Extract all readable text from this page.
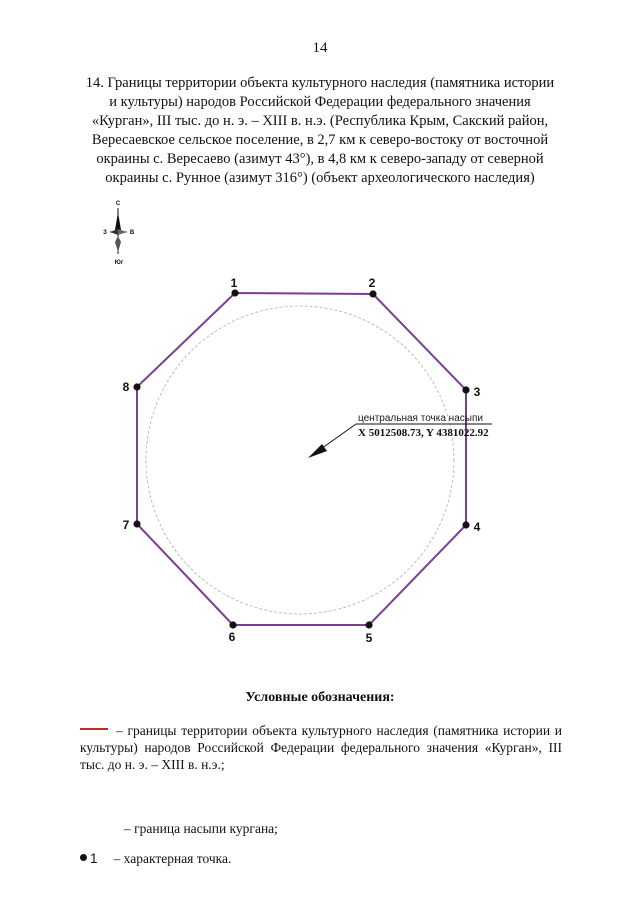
14
14. Границы территории объекта культурного наследия (памятника истории
и культуры) народов Российской Федерации федерального значения
«Курган», III тыс. до н. э. – XIII в. н.э. (Республика Крым, Сакский район,
Вересаевское сельское поселение, в 2,7 км к северо-востоку от восточной
окраины с. Вересаево (азимут 43°), в 4,8 км к северо-западу от северной
окраины с. Рунное (азимут 316°) (объект археологического наследия)
С
Юг
З	В
1	2
3
4
5
6
7
8
центральная точка насыпи
X 5012508.73, Y 4381022.92
Условные обозначения:
– границы территории объекта культурного наследия (памятника истории и культуры) народов Российской Федерации федерального значения «Курган», III тыс. до н. э. – XIII в. н.э.;
– граница насыпи кургана;
1 – характерная точка.
